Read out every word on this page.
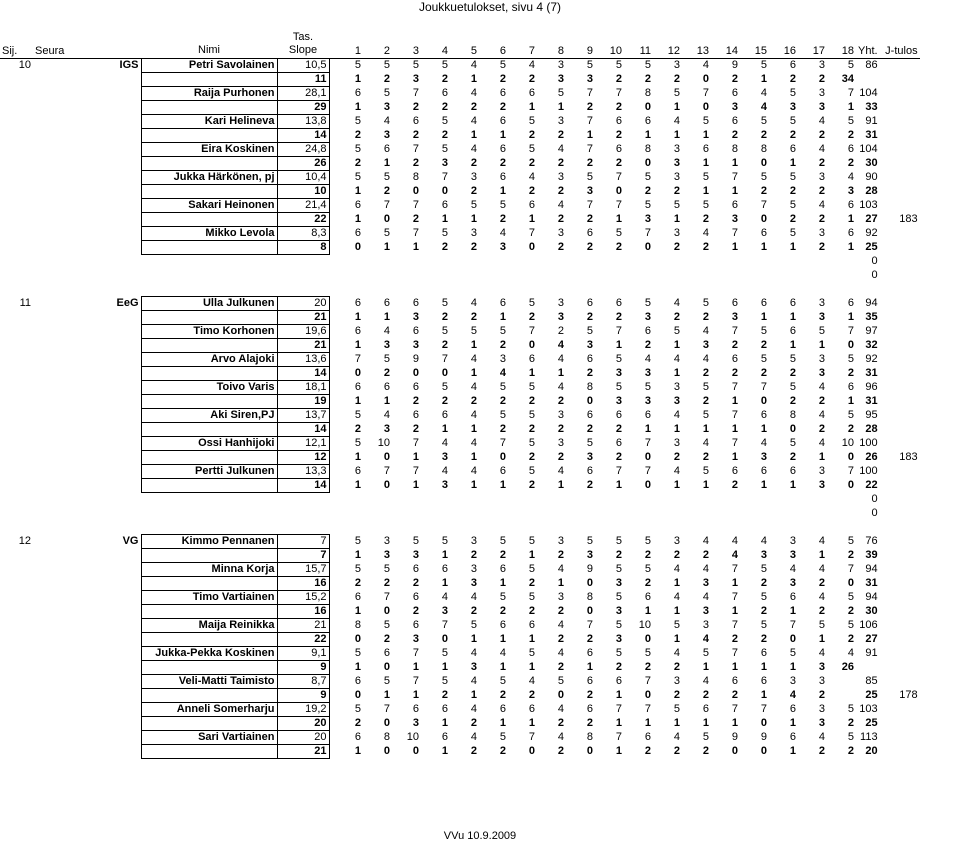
Joukkuetulokset, sivu 4 (7)
			Tas.																				
Sij.	Seura	Nimi	Slope	1	2	3	4	5	6	7	8	9	10	11	12	13	14	15	16	17	18	Yht.	J-tulos
10	IGS	Petri Savolainen	10,5	5	5	5	5	4	5	4	3	5	5	5	3	4	9	5	6	3	5	86	
			11	1	2	3	2	1	2	2	3	3	2	2	2	0	2	1	2	2	34		
		Raija Purhonen	28,1	6	5	7	6	4	6	6	5	7	7	8	5	7	6	4	5	3	7	104	
			29	1	3	2	2	2	2	1	1	2	2	0	1	0	3	4	3	3	1	33	
		Kari Helineva	13,8	5	4	6	5	4	6	5	3	7	6	6	4	5	6	5	5	4	5	91	
			14	2	3	2	2	1	1	2	2	1	2	1	1	1	2	2	2	2	2	31	
		Eira Koskinen	24,8	5	6	7	5	4	6	5	4	7	6	8	3	6	8	8	6	4	6	104	
			26	2	1	2	3	2	2	2	2	2	2	0	3	1	1	0	1	2	2	30	
		Jukka Härkönen, pj	10,4	5	5	8	7	3	6	4	3	5	7	5	3	5	7	5	5	3	4	90	
			10	1	2	0	0	2	1	2	2	3	0	2	2	1	1	2	2	2	3	28	
		Sakari Heinonen	21,4	6	7	7	6	5	5	6	4	7	7	5	5	5	6	7	5	4	6	103	
			22	1	0	2	1	1	2	1	2	2	1	3	1	2	3	0	2	2	1	27	183
		Mikko Levola	8,3	6	5	7	5	3	4	7	3	6	5	7	3	4	7	6	5	3	6	92	
			8	0	1	1	2	2	3	0	2	2	2	0	2	2	1	1	1	2	1	25	
																						0	
																						0	

11	EeG	Ulla Julkunen	20	6	6	6	5	4	6	5	3	6	6	5	4	5	6	6	6	3	6	94	
			21	1	1	3	2	2	1	2	3	2	2	3	2	2	3	1	1	3	1	35	
		Timo Korhonen	19,6	6	4	6	5	5	5	7	2	5	7	6	5	4	7	5	6	5	7	97	
			21	1	3	3	2	1	2	0	4	3	1	2	1	3	2	2	1	1	0	32	
		Arvo Alajoki	13,6	7	5	9	7	4	3	6	4	6	5	4	4	4	6	5	5	3	5	92	
			14	0	2	0	0	1	4	1	1	2	3	3	1	2	2	2	2	3	2	31	
		Toivo Varis	18,1	6	6	6	5	4	5	5	4	8	5	5	3	5	7	7	5	4	6	96	
			19	1	1	2	2	2	2	2	2	0	3	3	3	2	1	0	2	2	1	31	
		Aki Siren,PJ	13,7	5	4	6	6	4	5	5	3	6	6	6	4	5	7	6	8	4	5	95	
			14	2	3	2	1	1	2	2	2	2	2	1	1	1	1	1	0	2	2	28	
		Ossi Hanhijoki	12,1	5	10	7	4	4	7	5	3	5	6	7	3	4	7	4	5	4	10	100	
			12	1	0	1	3	1	0	2	2	3	2	0	2	2	1	3	2	1	0	26	183
		Pertti Julkunen	13,3	6	7	7	4	4	6	5	4	6	7	7	4	5	6	6	6	3	7	100	
			14	1	0	1	3	1	1	2	1	2	1	0	1	1	2	1	1	3	0	22	
																						0	
																						0	

12	VG	Kimmo Pennanen	7	5	3	5	5	3	5	5	3	5	5	5	3	4	4	4	3	4	5	76	
			7	1	3	3	1	2	2	1	2	3	2	2	2	2	4	3	3	1	2	39	
		Minna Korja	15,7	5	5	6	6	3	6	5	4	9	5	5	4	4	7	5	4	4	7	94	
			16	2	2	2	1	3	1	2	1	0	3	2	1	3	1	2	3	2	0	31	
		Timo Vartiainen	15,2	6	7	6	4	4	5	5	3	8	5	6	4	4	7	5	6	4	5	94	
			16	1	0	2	3	2	2	2	2	0	3	1	1	3	1	2	1	2	2	30	
		Maija Reinikka	21	8	5	6	7	5	6	6	4	7	5	10	5	3	7	5	7	5	5	106	
			22	0	2	3	0	1	1	1	2	2	3	0	1	4	2	2	0	1	2	27	
		Jukka-Pekka Koskinen	9,1	5	6	7	5	4	4	5	4	6	5	5	4	5	7	6	5	4	4	91	
			9	1	0	1	1	3	1	1	2	1	2	2	2	1	1	1	1	3	26		
		Veli-Matti Taimisto	8,7	6	5	7	5	4	5	4	5	6	6	7	3	4	6	6	3	3		85	
			9	0	1	1	2	1	2	2	0	2	1	0	2	2	2	1	4	2		25	178
		Anneli Somerharju	19,2	5	7	6	6	4	6	6	4	6	7	7	5	6	7	7	6	3	5	103	
			20	2	0	3	1	2	1	1	2	2	1	1	1	1	1	0	1	3	2	25	
		Sari Vartiainen	20	6	8	10	6	4	5	7	4	8	7	6	4	5	9	9	6	4	5	113	
			21	1	0	0	1	2	2	0	2	0	1	2	2	2	0	0	1	2	2	20	
VVu 10.9.2009
